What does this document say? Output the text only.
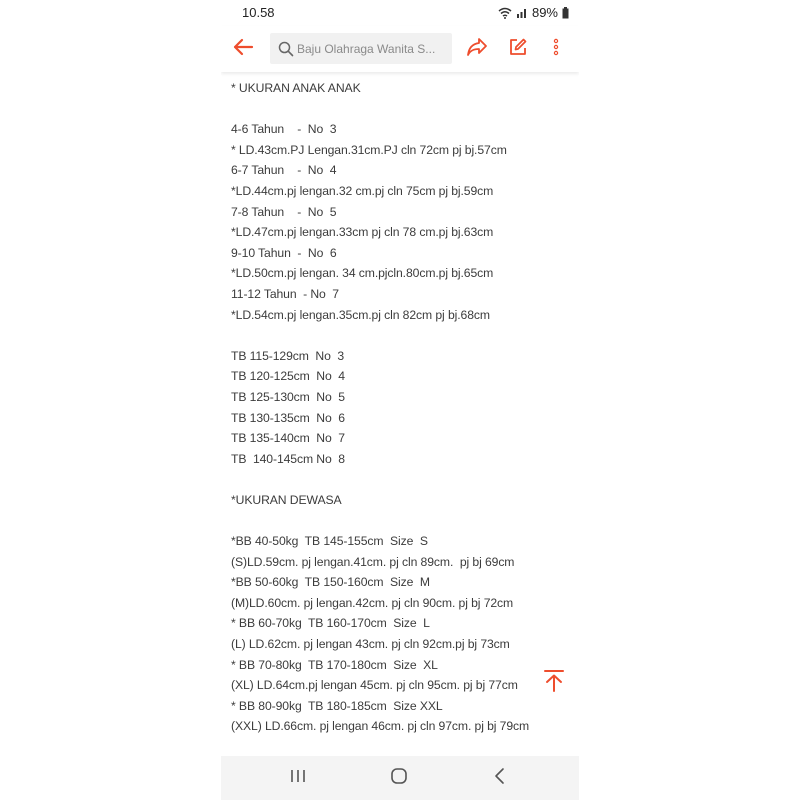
10.58	89%
Baju Olahraga Wanita S...
* UKURAN ANAK ANAK
4-6 Tahun    -  No  3
* LD.43cm.PJ Lengan.31cm.PJ cln 72cm pj bj.57cm
6-7 Tahun    -  No  4
*LD.44cm.pj lengan.32 cm.pj cln 75cm pj bj.59cm
7-8 Tahun    -  No  5
*LD.47cm.pj lengan.33cm pj cln 78 cm.pj bj.63cm
9-10 Tahun  -  No  6
*LD.50cm.pj lengan. 34 cm.pjcln.80cm.pj bj.65cm
11-12 Tahun  - No  7
*LD.54cm.pj lengan.35cm.pj cln 82cm pj bj.68cm
TB 115-129cm  No  3
TB 120-125cm  No  4
TB 125-130cm  No  5
TB 130-135cm  No  6
TB 135-140cm  No  7
TB  140-145cm No  8
*UKURAN DEWASA
*BB 40-50kg  TB 145-155cm  Size  S
(S)LD.59cm. pj lengan.41cm. pj cln 89cm.  pj bj 69cm
*BB 50-60kg  TB 150-160cm  Size  M
(M)LD.60cm. pj lengan.42cm. pj cln 90cm. pj bj 72cm
* BB 60-70kg  TB 160-170cm  Size  L
(L) LD.62cm. pj lengan 43cm. pj cln 92cm.pj bj 73cm
* BB 70-80kg  TB 170-180cm  Size  XL
(XL) LD.64cm.pj lengan 45cm. pj cln 95cm. pj bj 77cm
* BB 80-90kg  TB 180-185cm  Size XXL
(XXL) LD.66cm. pj lengan 46cm. pj cln 97cm. pj bj 79cm
